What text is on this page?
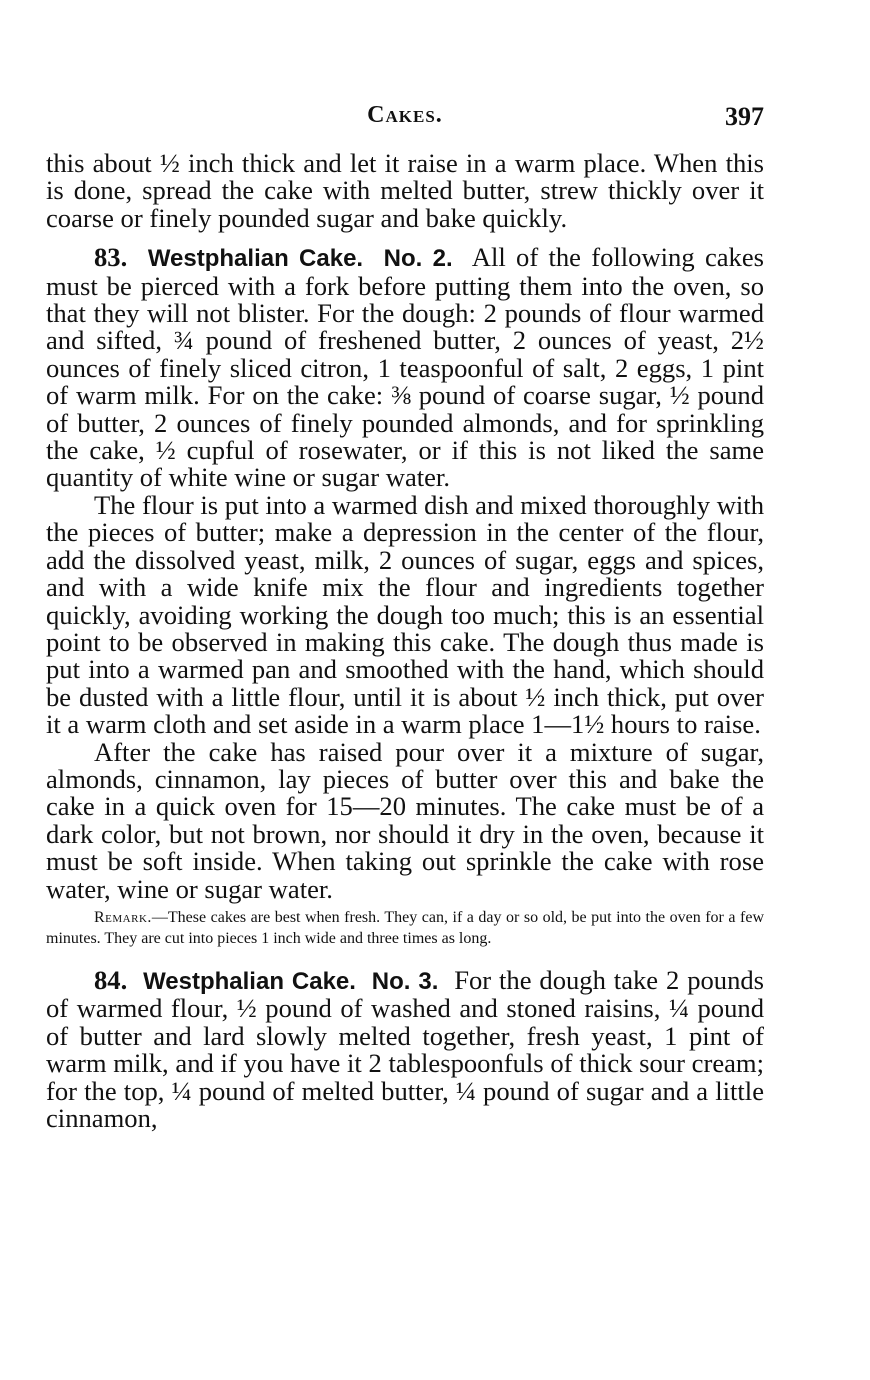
Cakes.	397

this about ½ inch thick and let it raise in a warm place. When this is done, spread the cake with melted butter, strew thickly over it coarse or finely pounded sugar and bake quickly.

83. Westphalian Cake. No. 2. All of the following cakes must be pierced with a fork before putting them into the oven, so that they will not blister. For the dough: 2 pounds of flour warmed and sifted, ¾ pound of freshened butter, 2 ounces of yeast, 2½ ounces of finely sliced citron, 1 teaspoonful of salt, 2 eggs, 1 pint of warm milk. For on the cake: ⅜ pound of coarse sugar, ½ pound of butter, 2 ounces of finely pounded almonds, and for sprinkling the cake, ½ cupful of rosewater, or if this is not liked the same quantity of white wine or sugar water.

The flour is put into a warmed dish and mixed thoroughly with the pieces of butter; make a depression in the center of the flour, add the dissolved yeast, milk, 2 ounces of sugar, eggs and spices, and with a wide knife mix the flour and ingredients together quickly, avoiding working the dough too much; this is an essential point to be observed in making this cake. The dough thus made is put into a warmed pan and smoothed with the hand, which should be dusted with a little flour, until it is about ½ inch thick, put over it a warm cloth and set aside in a warm place 1—1½ hours to raise.

After the cake has raised pour over it a mixture of sugar, almonds, cinnamon, lay pieces of butter over this and bake the cake in a quick oven for 15—20 minutes. The cake must be of a dark color, but not brown, nor should it dry in the oven, because it must be soft inside. When taking out sprinkle the cake with rose water, wine or sugar water.

Remark.—These cakes are best when fresh. They can, if a day or so old, be put into the oven for a few minutes. They are cut into pieces 1 inch wide and three times as long.

84. Westphalian Cake. No. 3. For the dough take 2 pounds of warmed flour, ½ pound of washed and stoned raisins, ¼ pound of butter and lard slowly melted together, fresh yeast, 1 pint of warm milk, and if you have it 2 tablespoonfuls of thick sour cream; for the top, ¼ pound of melted butter, ¼ pound of sugar and a little cinnamon,
